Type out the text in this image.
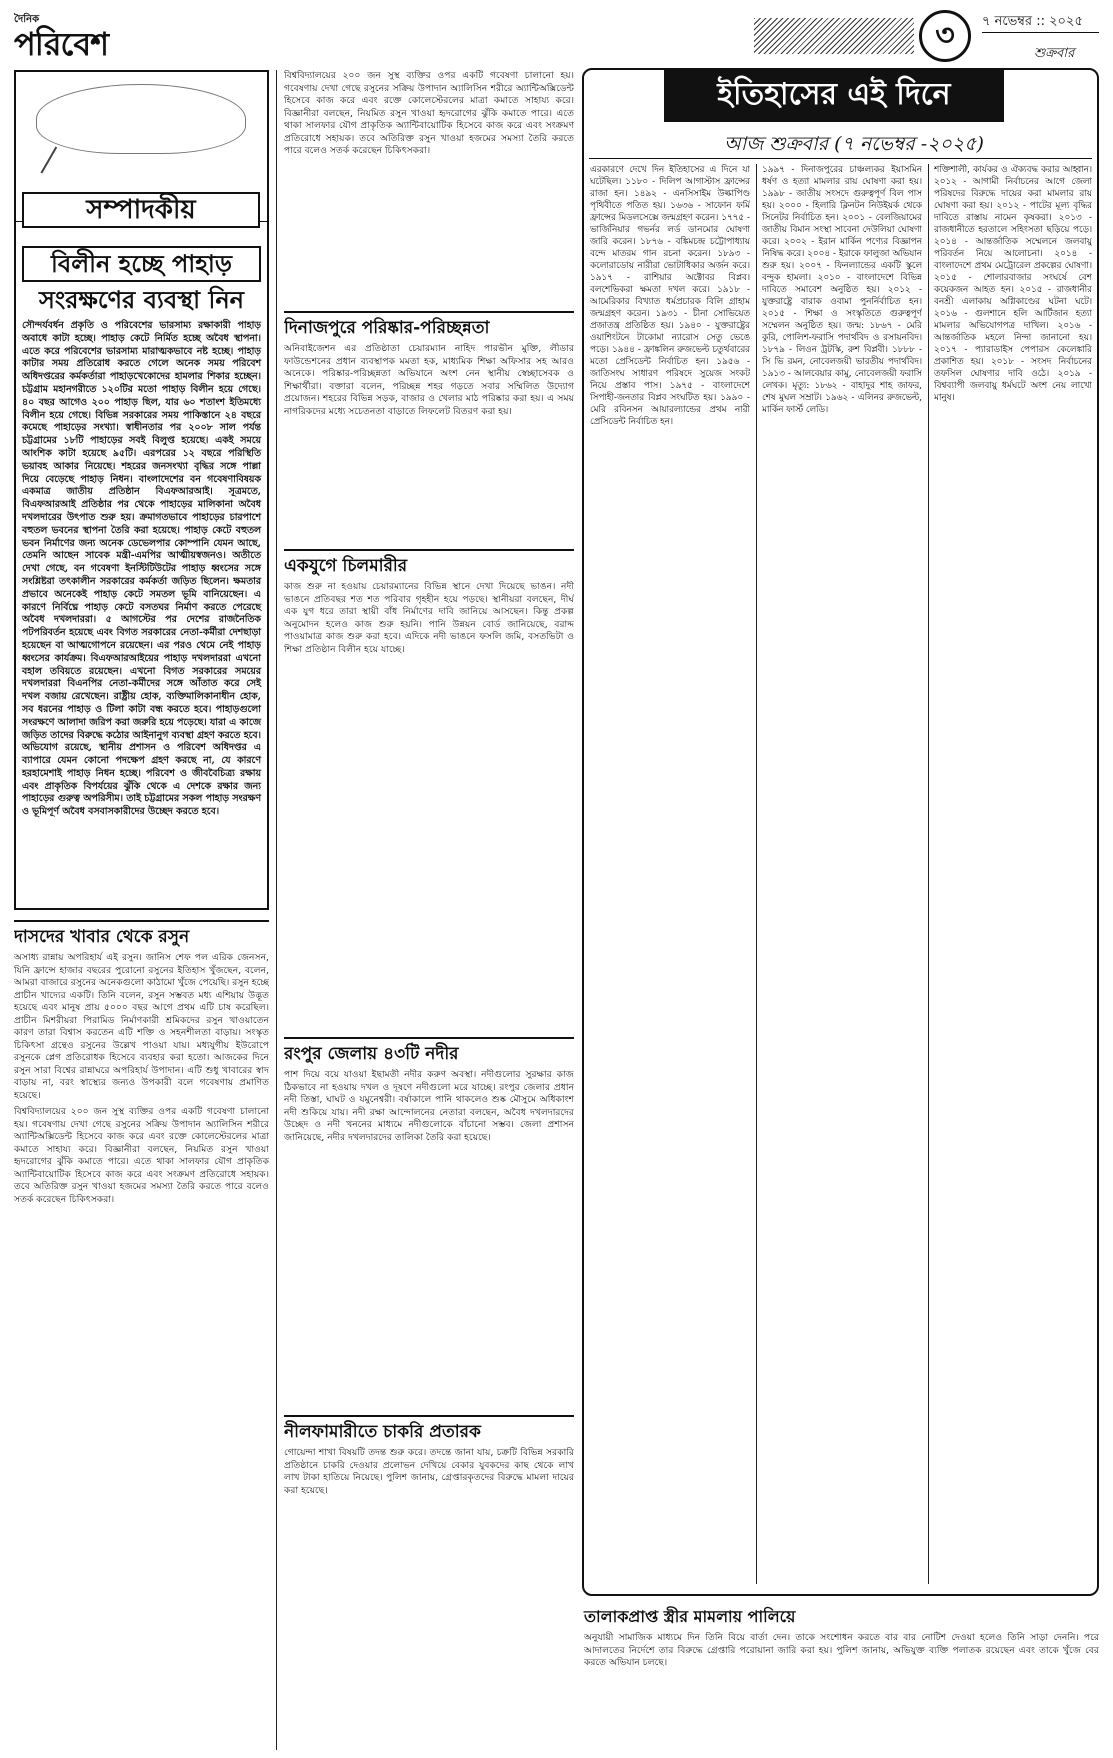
দৈনিক
পরিবেশ	৩	৭ নভেম্বর :: ২০২৫
শুক্রবার
সম্পাদকীয়
বিলীন হচ্ছে পাহাড়
সংরক্ষণের ব্যবস্থা নিন
সৌন্দর্যবর্ধন প্রকৃতি ও পরিবেশের ভারসাম্য রক্ষাকারী পাহাড় অবাধে কাটা হচ্ছে। পাহাড় কেটে নির্মিত হচ্ছে অবৈধ স্থাপনা। এতে করে পরিবেশের ভারসাম্য মারাত্মকভাবে নষ্ট হচ্ছে। পাহাড় কাটার সময় প্রতিরোধ করতে গেলে অনেক সময় পরিবেশ অধিদপ্তরের কর্মকর্তারা পাহাড়খেকোদের হামলার শিকার হচ্ছেন। চট্টগ্রাম মহানগরীতে ১২০টির মতো পাহাড় বিলীন হয়ে গেছে। ৪০ বছর আগেও ২০০ পাহাড় ছিল, যার ৬০ শতাংশ ইতিমধ্যে বিলীন হয়ে গেছে। বিভিন্ন সরকারের সময় পাকিস্তানে ২৪ বছরে কমেছে পাহাড়ের সংখ্যা। স্বাধীনতার পর ২০০৮ সাল পর্যন্ত চট্টগ্রামের ১৮টি পাহাড়ের সবই বিলুপ্ত হয়েছে। একই সময়ে আংশিক কাটা হয়েছে ৯৫টি। এরপরের ১২ বছরে পরিস্থিতি ভয়াবহ আকার নিয়েছে। শহরের জনসংখ্যা বৃদ্ধির সঙ্গে পাল্লা দিয়ে বেড়েছে পাহাড় নিধন। বাংলাদেশের বন গবেষণাবিষয়ক একমাত্র জাতীয় প্রতিষ্ঠান বিএফআরআই। সূত্রমতে, বিএফআরআই প্রতিষ্ঠার পর থেকে পাহাড়ের মালিকানা অবৈধ দখলদারের উৎপাত শুরু হয়। ক্রমাগতভাবে পাহাড়ের চারপাশে বহুতল ভবনের স্থাপনা তৈরি করা হয়েছে। পাহাড় কেটে বহুতল ভবন নির্মাণের জন্য অনেক ডেভেলপার কোম্পানি যেমন আছে, তেমনি আছেন সাবেক মন্ত্রী-এমপির আত্মীয়স্বজনও। অতীতে দেখা গেছে, বন গবেষণা ইনস্টিটিউটের পাহাড় ধ্বংসের সঙ্গে সংশ্লিষ্টরা তৎকালীন সরকারের কর্মকর্তা জড়িত ছিলেন। ক্ষমতার প্রভাবে অনেকেই পাহাড় কেটে সমতল ভূমি বানিয়েছেন। এ কারণে নির্বিঘ্নে পাহাড় কেটে বসতঘর নির্মাণ করতে পেরেছে অবৈধ দখলদাররা। ৫ আগস্টের পর দেশের রাজনৈতিক পটপরিবর্তন হয়েছে এবং বিগত সরকারের নেতা-কর্মীরা দেশছাড়া হয়েছেন বা আত্মগোপনে রয়েছেন। এর পরও থেমে নেই পাহাড় ধ্বংসের কার্যক্রম। বিএফআরআইয়ের পাহাড় দখলদাররা এখনো বহাল তবিয়তে রয়েছেন। এখনো বিগত সরকারের সময়ের দখলদাররা বিএনপির নেতা-কর্মীদের সঙ্গে আঁতাত করে সেই দখল বজায় রেখেছেন। রাষ্ট্রীয় হোক, ব্যক্তিমালিকানাধীন হোক, সব ধরনের পাহাড় ও টিলা কাটা বন্ধ করতে হবে। পাহাড়গুলো সংরক্ষণে আলাদা জরিপ করা জরুরি হয়ে পড়েছে। যারা এ কাজে জড়িত তাদের বিরুদ্ধে কঠোর আইনানুগ ব্যবস্থা গ্রহণ করতে হবে। অভিযোগ রয়েছে, স্থানীয় প্রশাসন ও পরিবেশ অধিদপ্তর এ ব্যাপারে যেমন কোনো পদক্ষেপ গ্রহণ করছে না, যে কারণে হরহামেশাই পাহাড় নিধন হচ্ছে। পরিবেশ ও জীববৈচিত্র্য রক্ষায় এবং প্রাকৃতিক বিপর্যয়ের ঝুঁকি থেকে এ দেশকে রক্ষার জন্য পাহাড়ের গুরুত্ব অপরিসীম। তাই চট্টগ্রামের সকল পাহাড় সংরক্ষণ ও ভূমিপূর্ণ অবৈধ বসবাসকারীদের উচ্ছেদ করতে হবে।
দাসদের খাবার থেকে রসুন
অসাধ্য রান্নায় অপরিহার্য এই রসুন। জানিস শেফ পল এরিক জেনসন, যিনি ফ্রান্সে হাজার বছরের পুরোনো রসুনের ইতিহাস খুঁজছেন, বলেন, আমরা বাজারে রসুনের অনেকগুলো কাঠামো খুঁজে পেয়েছি। রসুন হচ্ছে প্রাচীন খাদ্যের একটি। তিনি বলেন, রসুন সম্ভবত মধ্য এশিয়ায় উদ্ভূত হয়েছে এবং মানুষ প্রায় ৫০০০ বছর আগে প্রথম এটি চাষ করেছিল। প্রাচীন মিশরীয়রা পিরামিড নির্মাণকারী শ্রমিকদের রসুন খাওয়াতেন কারণ তারা বিশ্বাস করতেন এটি শক্তি ও সহনশীলতা বাড়ায়। সংস্কৃত চিকিৎসা গ্রন্থেও রসুনের উল্লেখ পাওয়া যায়। মধ্যযুগীয় ইউরোপে রসুনকে প্লেগ প্রতিরোধক হিসেবে ব্যবহার করা হতো। আজকের দিনে রসুন সারা বিশ্বের রান্নাঘরে অপরিহার্য উপাদান। এটি শুধু খাবারের স্বাদ বাড়ায় না, বরং স্বাস্থ্যের জন্যও উপকারী বলে গবেষণায় প্রমাণিত হয়েছে।
বিশ্ববিদ্যালয়ের ২০০ জন সুস্থ ব্যক্তির ওপর একটি গবেষণা চালানো হয়। গবেষণায় দেখা গেছে রসুনের সক্রিয় উপাদান অ্যালিসিন শরীরে অ্যান্টিঅক্সিডেন্ট হিসেবে কাজ করে এবং রক্তে কোলেস্টেরলের মাত্রা কমাতে সাহায্য করে। বিজ্ঞানীরা বলছেন, নিয়মিত রসুন খাওয়া হৃদরোগের ঝুঁকি কমাতে পারে। এতে থাকা সালফার যৌগ প্রাকৃতিক অ্যান্টিবায়োটিক হিসেবে কাজ করে এবং সংক্রমণ প্রতিরোধে সহায়ক। তবে অতিরিক্ত রসুন খাওয়া হজমের সমস্যা তৈরি করতে পারে বলেও সতর্ক করেছেন চিকিৎসকরা।
বিশ্ববিদ্যালয়ের ২০০ জন সুস্থ ব্যক্তির ওপর একটি গবেষণা চালানো হয়। গবেষণায় দেখা গেছে রসুনের সক্রিয় উপাদান অ্যালিসিন শরীরে অ্যান্টিঅক্সিডেন্ট হিসেবে কাজ করে এবং রক্তে কোলেস্টেরলের মাত্রা কমাতে সাহায্য করে। বিজ্ঞানীরা বলছেন, নিয়মিত রসুন খাওয়া হৃদরোগের ঝুঁকি কমাতে পারে। এতে থাকা সালফার যৌগ প্রাকৃতিক অ্যান্টিবায়োটিক হিসেবে কাজ করে এবং সংক্রমণ প্রতিরোধে সহায়ক। তবে অতিরিক্ত রসুন খাওয়া হজমের সমস্যা তৈরি করতে পারে বলেও সতর্ক করেছেন চিকিৎসকরা।
দিনাজপুরে পরিষ্কার-পরিচ্ছন্নতা
অনিবাইজেশন এর প্রতিষ্ঠাতা চেয়ারম্যান নাহিদ পারভীন মুক্তি, লীডার ফাউন্ডেশনের প্রধান ব্যবস্থাপক মমতা হক, মাধ্যমিক শিক্ষা অফিসার সহ আরও অনেকে। পরিষ্কার-পরিচ্ছন্নতা অভিযানে অংশ নেন স্থানীয় স্বেচ্ছাসেবক ও শিক্ষার্থীরা। বক্তারা বলেন, পরিচ্ছন্ন শহর গড়তে সবার সম্মিলিত উদ্যোগ প্রয়োজন। শহরের বিভিন্ন সড়ক, বাজার ও খেলার মাঠ পরিষ্কার করা হয়। এ সময় নাগরিকদের মধ্যে সচেতনতা বাড়াতে লিফলেট বিতরণ করা হয়।
একযুগে চিলমারীর
কাজ শুরু না হওয়ায় চেয়ারম্যানের বিভিন্ন স্থানে দেখা দিয়েছে ভাঙন। নদী ভাঙনে প্রতিবছর শত শত পরিবার গৃহহীন হয়ে পড়ছে। স্থানীয়রা বলছেন, দীর্ঘ এক যুগ ধরে তারা স্থায়ী বাঁধ নির্মাণের দাবি জানিয়ে আসছেন। কিন্তু প্রকল্প অনুমোদন হলেও কাজ শুরু হয়নি। পানি উন্নয়ন বোর্ড জানিয়েছে, বরাদ্দ পাওয়ামাত্র কাজ শুরু করা হবে। এদিকে নদী ভাঙনে ফসলি জমি, বসতভিটা ও শিক্ষা প্রতিষ্ঠান বিলীন হয়ে যাচ্ছে।
রংপুর জেলায় ৪৩টি নদীর
পাশ দিয়ে বয়ে যাওয়া ইছামতী নদীর করুণ অবস্থা। নদীগুলোর সুরক্ষার কাজ ঠিকভাবে না হওয়ায় দখল ও দূষণে নদীগুলো মরে যাচ্ছে। রংপুর জেলার প্রধান নদী তিস্তা, ঘাঘট ও যমুনেশ্বরী। বর্ষাকালে পানি থাকলেও শুষ্ক মৌসুমে অধিকাংশ নদী শুকিয়ে যায়। নদী রক্ষা আন্দোলনের নেতারা বলছেন, অবৈধ দখলদারদের উচ্ছেদ ও নদী খননের মাধ্যমে নদীগুলোকে বাঁচানো সম্ভব। জেলা প্রশাসন জানিয়েছে, নদীর দখলদারদের তালিকা তৈরি করা হয়েছে।
নীলফামারীতে চাকরি প্রতারক
গোয়েন্দা শাখা বিষয়টি তদন্ত শুরু করে। তদন্তে জানা যায়, চক্রটি বিভিন্ন সরকারি প্রতিষ্ঠানে চাকরি দেওয়ার প্রলোভন দেখিয়ে বেকার যুবকদের কাছ থেকে লাখ লাখ টাকা হাতিয়ে নিয়েছে। পুলিশ জানায়, গ্রেপ্তারকৃতদের বিরুদ্ধে মামলা দায়ের করা হয়েছে।
ইতিহাসের এই দিনে
আজ শুক্রবার (৭ নভেম্বর -২০২৫)
এরকারণে দেখে দিন ইতিহাসের এ দিনে যা ঘটেছিল। ১১৮০ - দিলিপ আগাস্টাস ফ্রান্সের রাজা হন। ১৪৯২ - এনসিসাইম উল্কাপিণ্ড পৃথিবীতে পতিত হয়। ১৬৩৬ - সাফোন ফর্মি ফ্রান্সের মিডলসেক্সে জন্মগ্রহণ করেন। ১৭৭৫ - ভার্জিনিয়ার গভর্নর লর্ড ডানমোর ঘোষণা জারি করেন। ১৮৭৬ - বঙ্কিমচন্দ্র চট্টোপাধ্যায় বন্দে মাতরম গান রচনা করেন। ১৮৯৩ - কলোরাডোয় নারীরা ভোটাধিকার অর্জন করে। ১৯১৭ - রাশিয়ার অক্টোবর বিপ্লব। বলশেভিকরা ক্ষমতা দখল করে। ১৯১৮ - আমেরিকার বিখ্যাত ধর্মপ্রচারক বিলি গ্রাহাম জন্মগ্রহণ করেন। ১৯৩১ - চীনা সোভিয়েত প্রজাতন্ত্র প্রতিষ্ঠিত হয়। ১৯৪০ - যুক্তরাষ্ট্রের ওয়াশিংটনে টাকোমা ন্যারোস সেতু ভেঙে পড়ে। ১৯৪৪ - ফ্রাঙ্কলিন রুজভেল্ট চতুর্থবারের মতো প্রেসিডেন্ট নির্বাচিত হন। ১৯৫৬ - জাতিসংঘ সাধারণ পরিষদে সুয়েজ সংকট নিয়ে প্রস্তাব পাস। ১৯৭৫ - বাংলাদেশে সিপাহী-জনতার বিপ্লব সংঘটিত হয়। ১৯৯০ - মেরি রবিনসন আয়ারল্যান্ডের প্রথম নারী প্রেসিডেন্ট নির্বাচিত হন।
১৯৯৭ - দিনাজপুরের চাঞ্চল্যকর ইয়াসমিন ধর্ষণ ও হত্যা মামলার রায় ঘোষণা করা হয়। ১৯৯৮ - জাতীয় সংসদে গুরুত্বপূর্ণ বিল পাস হয়। ২০০০ - হিলারি ক্লিনটন নিউইয়র্ক থেকে সিনেটর নির্বাচিত হন। ২০০১ - বেলজিয়ামের জাতীয় বিমান সংস্থা সাবেনা দেউলিয়া ঘোষণা করে। ২০০২ - ইরান মার্কিন পণ্যের বিজ্ঞাপন নিষিদ্ধ করে। ২০০৪ - ইরাকে ফালুজা অভিযান শুরু হয়। ২০০৭ - ফিনল্যান্ডের একটি স্কুলে বন্দুক হামলা। ২০১০ - বাংলাদেশে বিভিন্ন দাবিতে সমাবেশ অনুষ্ঠিত হয়। ২০১২ - যুক্তরাষ্ট্রে বারাক ওবামা পুনর্নির্বাচিত হন। ২০১৫ - শিক্ষা ও সংস্কৃতিতে গুরুত্বপূর্ণ সম্মেলন অনুষ্ঠিত হয়। জন্ম: ১৮৬৭ - মেরি কুরি, পোলিশ-ফরাসি পদার্থবিদ ও রসায়নবিদ। ১৮৭৯ - লিওন ট্রটস্কি, রুশ বিপ্লবী। ১৮৮৮ - সি ভি রমন, নোবেলজয়ী ভারতীয় পদার্থবিদ। ১৯১৩ - আলবেয়ার কামু, নোবেলজয়ী ফরাসি লেখক। মৃত্যু: ১৮৬২ - বাহাদুর শাহ জাফর, শেষ মুঘল সম্রাট। ১৯৬২ - এলিনর রুজভেল্ট, মার্কিন ফার্স্ট লেডি।
শক্তিশালী, কার্যকর ও ঐক্যবদ্ধ করার আহ্বান। ২০১২ - আগামী নির্বাচনের আগে জেলা পরিষদের বিরুদ্ধে দায়ের করা মামলার রায় ঘোষণা করা হয়। ২০১২ - পাটের মূল্য বৃদ্ধির দাবিতে রাস্তায় নামেন কৃষকরা। ২০১৩ - রাজধানীতে হরতালে সহিংসতা ছড়িয়ে পড়ে। ২০১৪ - আন্তর্জাতিক সম্মেলনে জলবায়ু পরিবর্তন নিয়ে আলোচনা। ২০১৪ - বাংলাদেশে প্রথম মেট্রোরেল প্রকল্পের ঘোষণা। ২০১৫ - শোলারবাজার সংঘর্ষে বেশ কয়েকজন আহত হন। ২০১৫ - রাজধানীর বনশ্রী এলাকায় অগ্নিকাণ্ডের ঘটনা ঘটে। ২০১৬ - গুলশানে হলি আর্টিজান হত্যা মামলার অভিযোগপত্র দাখিল। ২০১৬ - আন্তর্জাতিক মহলে নিন্দা জানানো হয়। ২০১৭ - প্যারাডাইস পেপারস কেলেঙ্কারি প্রকাশিত হয়। ২০১৮ - সংসদ নির্বাচনের তফসিল ঘোষণার দাবি ওঠে। ২০১৯ - বিশ্বব্যাপী জলবায়ু ধর্মঘটে অংশ নেয় লাখো মানুষ।
তালাকপ্রাপ্ত স্ত্রীর মামলায় পালিয়ে
অনুযায়ী সামাজিক মাধ্যমে দিন তিনি বিয়ে বার্তা দেন। তাকে সংশোধন করতে বার বার নোটিশ দেওয়া হলেও তিনি সাড়া দেননি। পরে আদালতের নির্দেশে তার বিরুদ্ধে গ্রেপ্তারি পরোয়ানা জারি করা হয়। পুলিশ জানায়, অভিযুক্ত ব্যক্তি পলাতক রয়েছেন এবং তাকে খুঁজে বের করতে অভিযান চলছে।
